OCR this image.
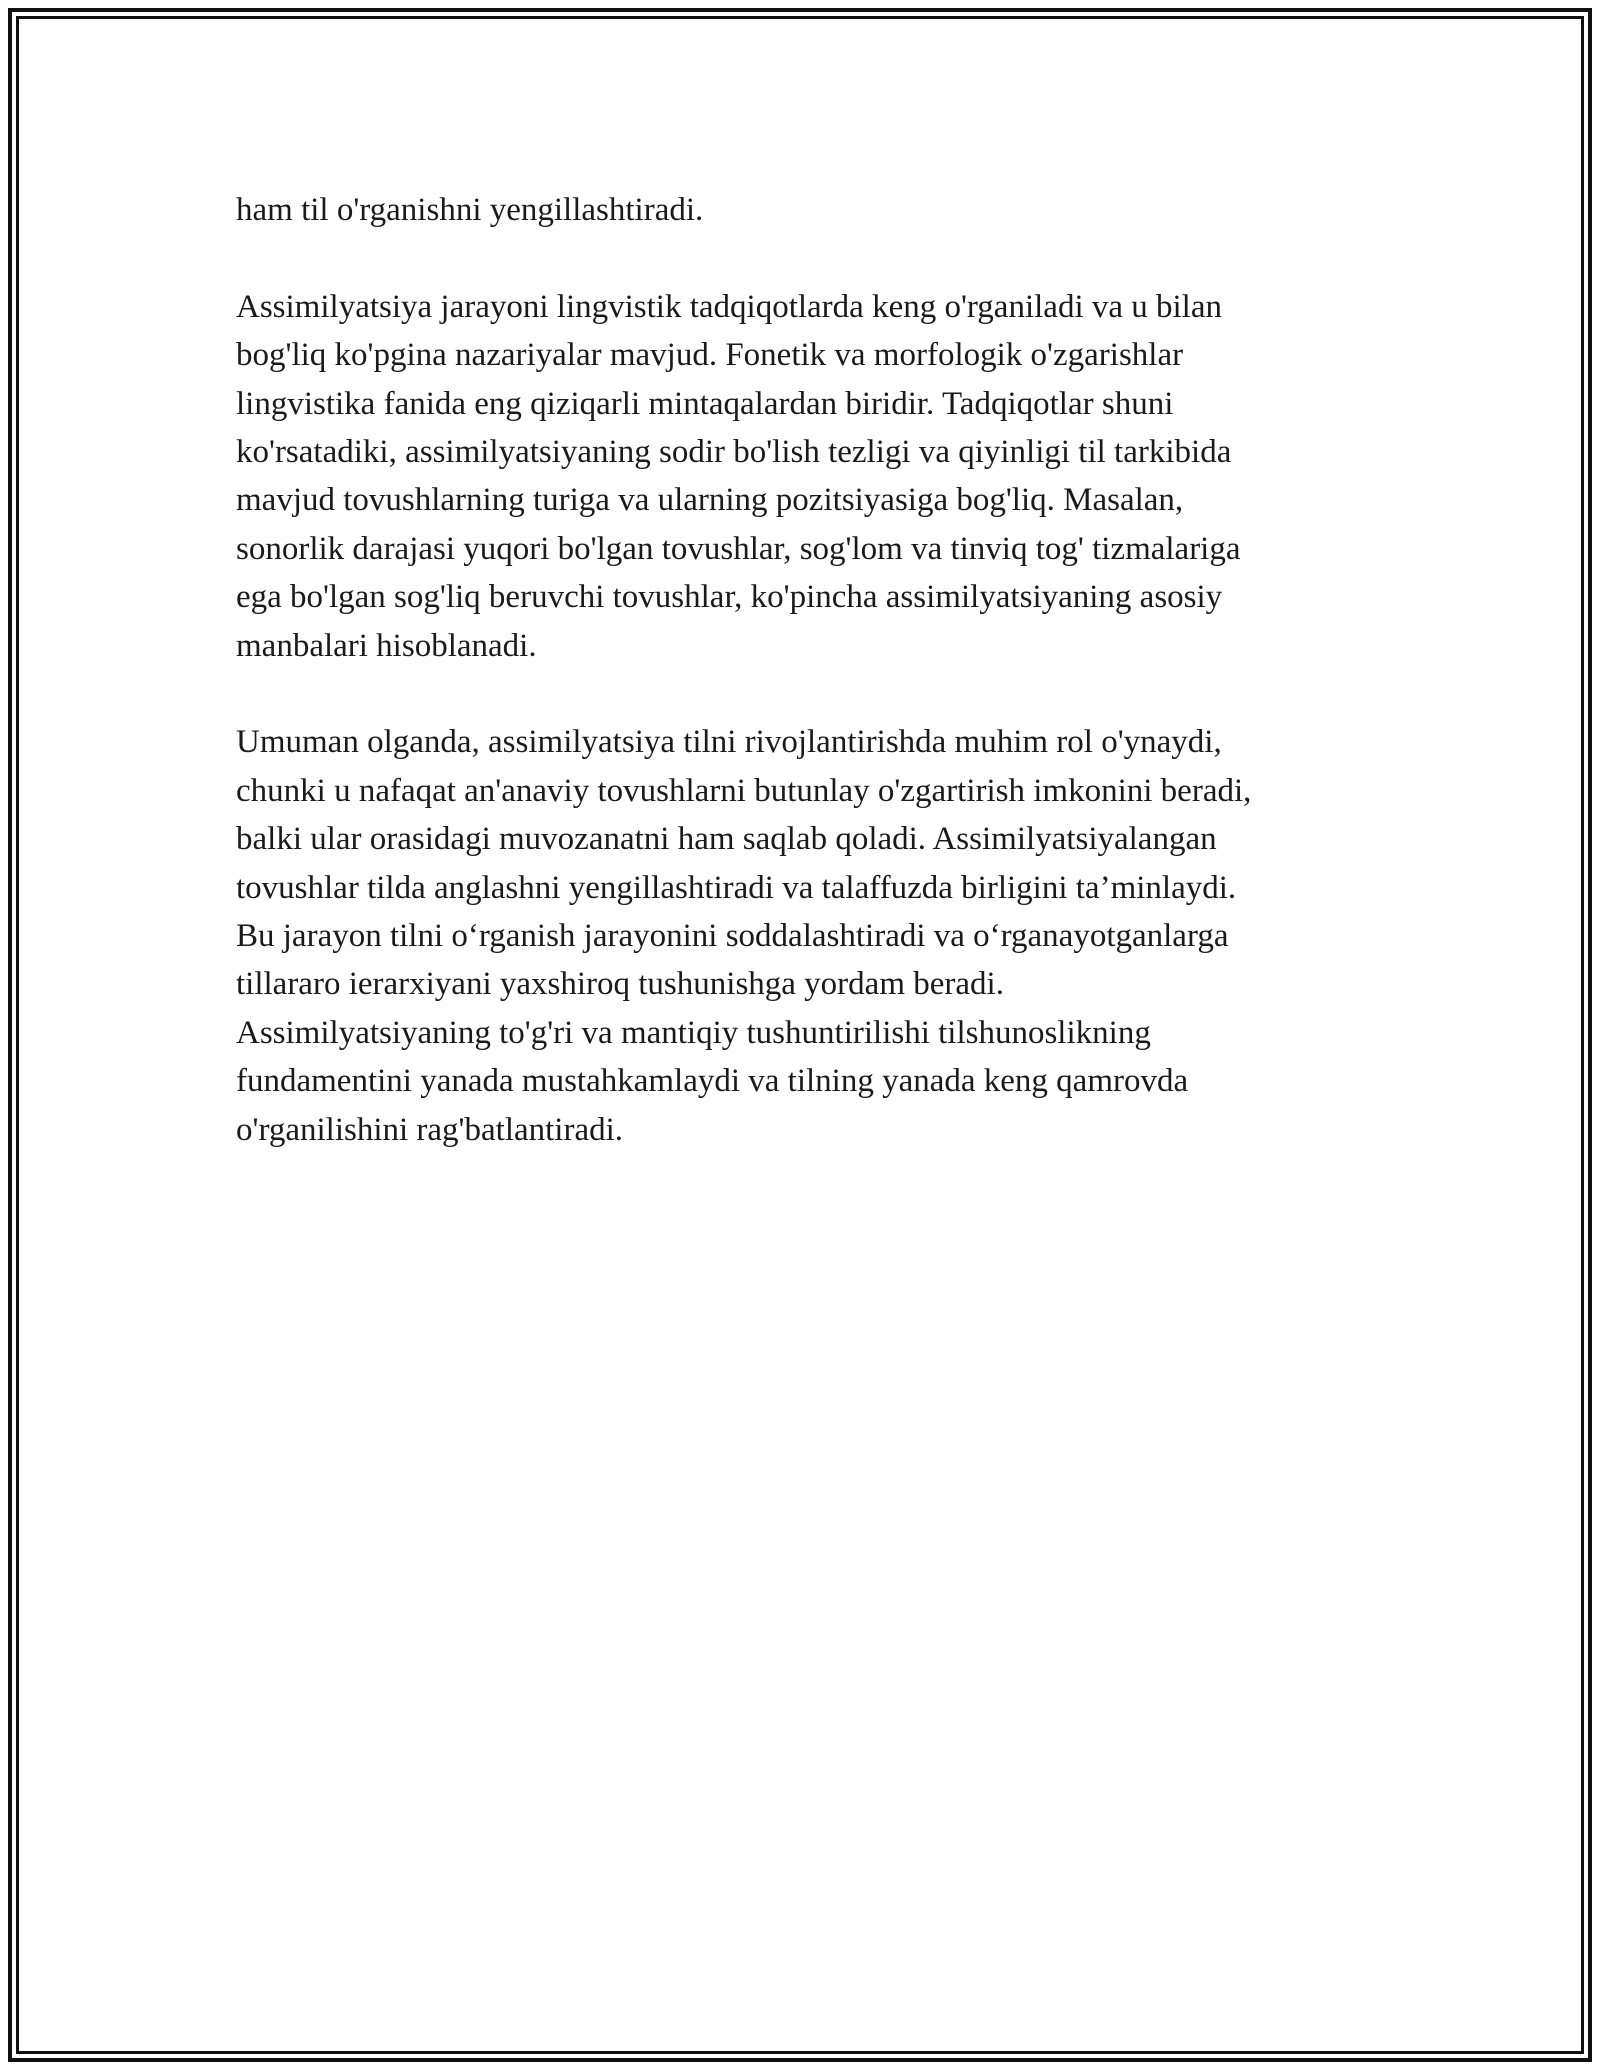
ham til o'rganishni yengillashtiradi.

Assimilyatsiya jarayoni lingvistik tadqiqotlarda keng o'rganiladi va u bilan
bog'liq ko'pgina nazariyalar mavjud. Fonetik va morfologik o'zgarishlar
lingvistika fanida eng qiziqarli mintaqalardan biridir. Tadqiqotlar shuni
ko'rsatadiki, assimilyatsiyaning sodir bo'lish tezligi va qiyinligi til tarkibida
mavjud tovushlarning turiga va ularning pozitsiyasiga bog'liq. Masalan,
sonorlik darajasi yuqori bo'lgan tovushlar, sog'lom va tinviq tog' tizmalariga
ega bo'lgan sog'liq beruvchi tovushlar, ko'pincha assimilyatsiyaning asosiy
manbalari hisoblanadi.

Umuman olganda, assimilyatsiya tilni rivojlantirishda muhim rol o'ynaydi,
chunki u nafaqat an'anaviy tovushlarni butunlay o'zgartirish imkonini beradi,
balki ular orasidagi muvozanatni ham saqlab qoladi. Assimilyatsiyalangan
tovushlar tilda anglashni yengillashtiradi va talaffuzda birligini ta’minlaydi.
Bu jarayon tilni o‘rganish jarayonini soddalashtiradi va o‘rganayotganlarga
tillararo ierarxiyani yaxshiroq tushunishga yordam beradi.
Assimilyatsiyaning to'g'ri va mantiqiy tushuntirilishi tilshunoslikning
fundamentini yanada mustahkamlaydi va tilning yanada keng qamrovda
o'rganilishini rag'batlantiradi.
